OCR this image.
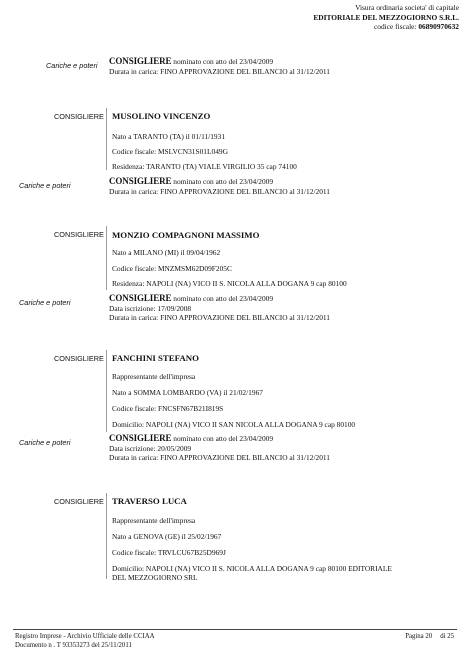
Visura ordinaria societa' di capitale
EDITORIALE DEL MEZZOGIORNO S.R.L.
codice fiscale: 06890970632
Cariche e poteri CONSIGLIERE nominato con atto del 23/04/2009
Durata in carica: FINO APPROVAZIONE DEL BILANCIO al 31/12/2011
CONSIGLIERE MUSOLINO VINCENZO
Nato a TARANTO (TA) il 01/11/1931
Codice fiscale: MSLVCN31S01L049G
Residenza: TARANTO (TA) VIALE VIRGILIO 35 cap 74100
Cariche e poteri	CONSIGLIERE nominato con atto del 23/04/2009
Durata in carica: FINO APPROVAZIONE DEL BILANCIO al 31/12/2011
CONSIGLIERE MONZIO COMPAGNONI MASSIMO
Nato a MILANO (MI) il 09/04/1962
Codice fiscale: MNZMSM62D09F205C
Residenza: NAPOLI (NA) VICO II S. NICOLA ALLA DOGANA 9 cap 80100
Cariche e poteri	CONSIGLIERE nominato con atto del 23/04/2009
Data iscrizione: 17/09/2008
Durata in carica: FINO APPROVAZIONE DEL BILANCIO al 31/12/2011
CONSIGLIERE FANCHINI STEFANO
Rappresentante dell'impresa
Nato a SOMMA LOMBARDO (VA) il 21/02/1967
Codice fiscale: FNCSFN67B21I819S
Domicilio: NAPOLI (NA) VICO II SAN NICOLA ALLA DOGANA 9 cap 80100
Cariche e poteri	CONSIGLIERE nominato con atto del 23/04/2009
Data iscrizione: 20/05/2009
Durata in carica: FINO APPROVAZIONE DEL BILANCIO al 31/12/2011
CONSIGLIERE TRAVERSO LUCA
Rappresentante dell'impresa
Nato a GENOVA (GE) il 25/02/1967
Codice fiscale: TRVLCU67B25D969J
Domicilio: NAPOLI (NA) VICO II S. NICOLA ALLA DOGANA 9 cap 80100 EDITORIALE
DEL MEZZOGIORNO SRL
Registro Imprese - Archivio Ufficiale delle CCIAA
Documento n . T 93353273 del 25/11/2011
Pagina 20 di 25
